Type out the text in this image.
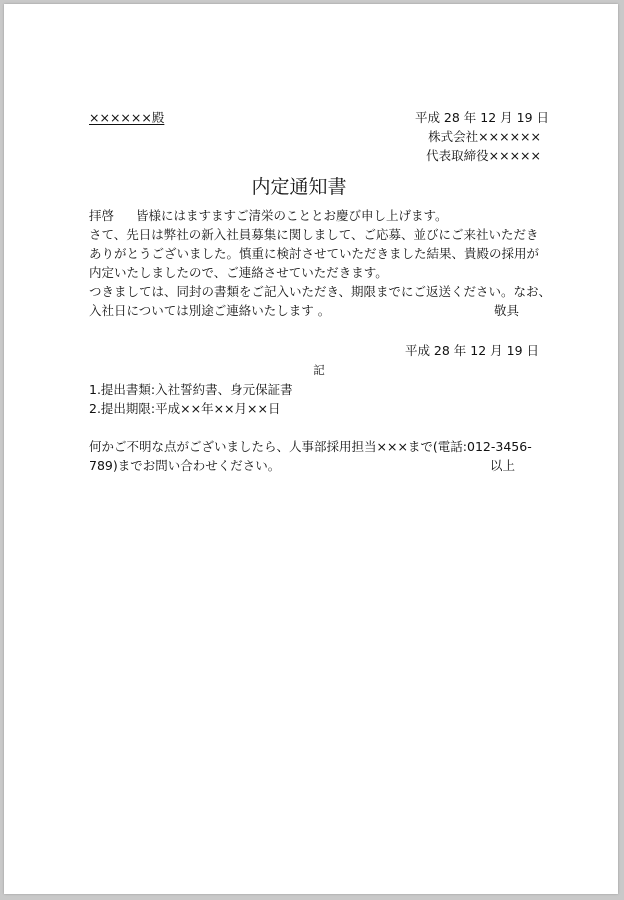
××××××殿	平成 28 年 12 月 19 日
株式会社××××××
代表取締役×××××
内定通知書
拝啓 皆様にはますますご清栄のこととお慶び申し上げます。
さて、先日は弊社の新入社員募集に関しまして、ご応募、並びにご来社いただき
ありがとうございました。慎重に検討させていただきました結果、貴殿の採用が
内定いたしましたので、ご連絡させていただきます。
つきましては、同封の書類をご記入いただき、期限までにご返送ください。なお、
入社日については別途ご連絡いたします 。	敬具
平成 28 年 12 月 19 日
記
1.提出書類:入社誓約書、身元保証書
2.提出期限:平成××年××月××日
何かご不明な点がございましたら、人事部採用担当×××まで(電話:012-3456-
789)までお問い合わせください。	以上
